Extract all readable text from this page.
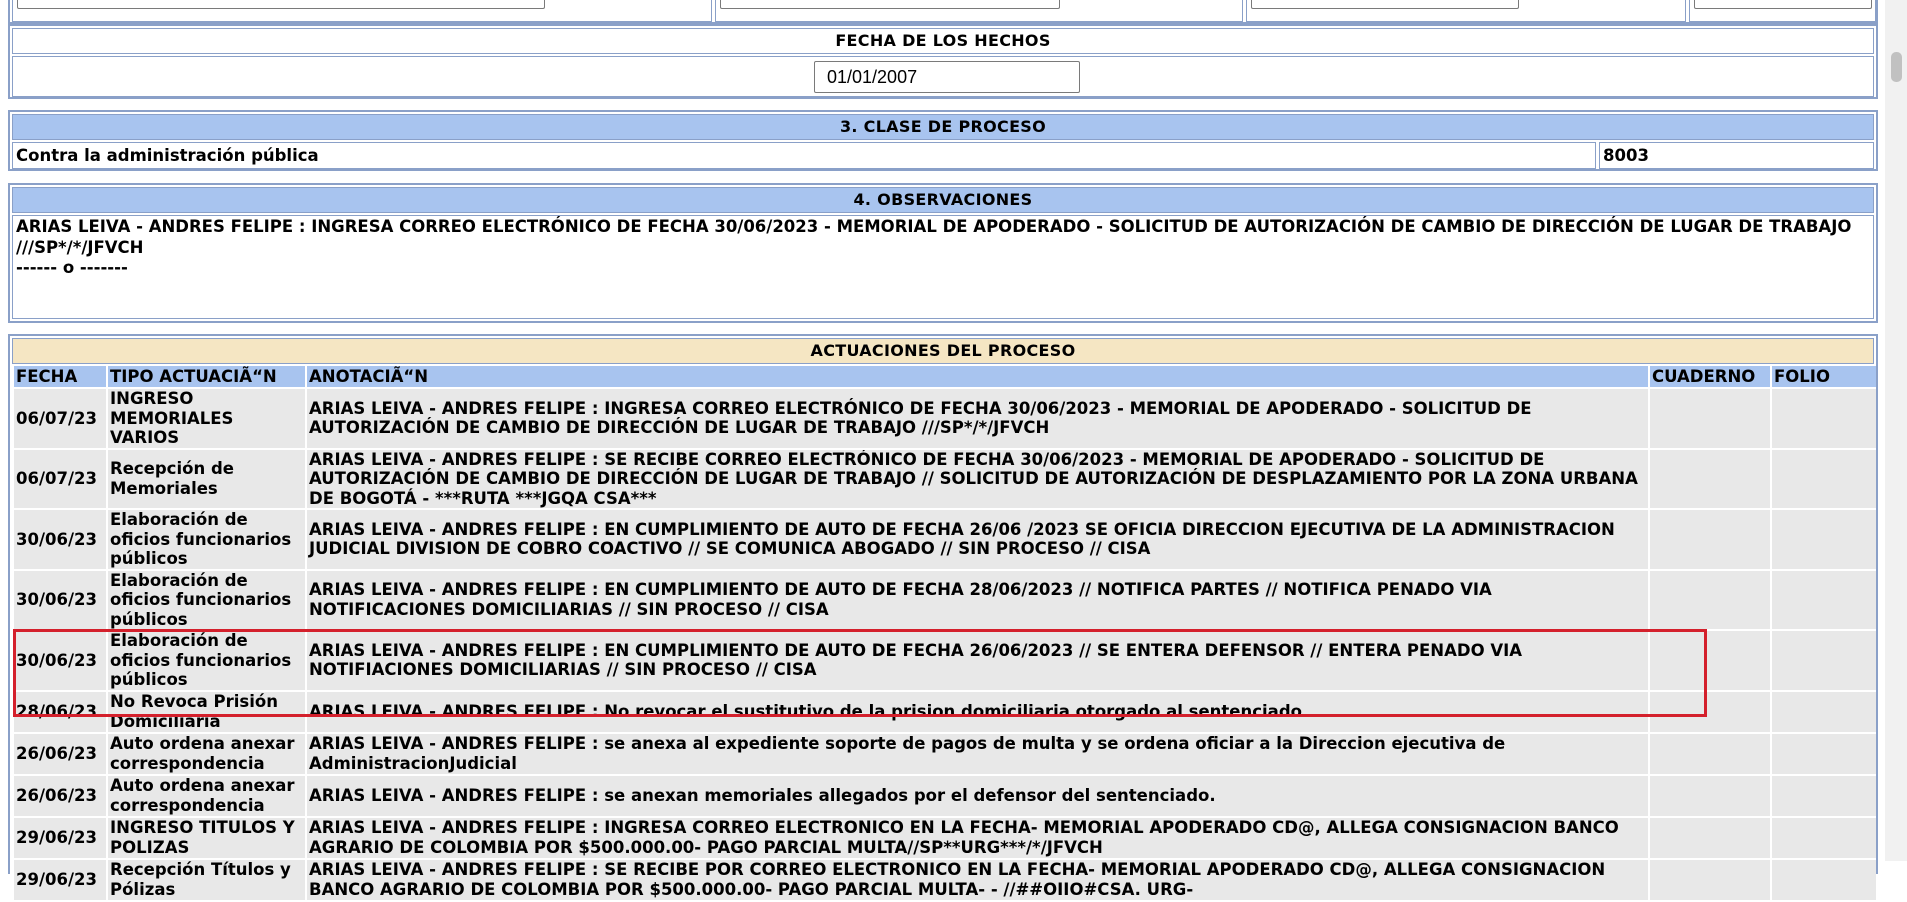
FECHA DE LOS HECHOS
01/01/2007
3. CLASE DE PROCESO
Contra la administración pública	8003
4. OBSERVACIONES
ARIAS LEIVA - ANDRES FELIPE : INGRESA CORREO ELECTRÓNICO DE FECHA 30/06/2023 - MEMORIAL DE APODERADO - SOLICITUD DE AUTORIZACIÓN DE CAMBIO DE DIRECCIÓN DE LUGAR DE TRABAJO ///SP*/*/JFVCH
------ o -------
ACTUACIONES DEL PROCESO
FECHA	TIPO ACTUACIÃ“N	ANOTACIÃ“N	CUADERNO	FOLIO
06/07/23	INGRESO MEMORIALES VARIOS	ARIAS LEIVA - ANDRES FELIPE : INGRESA CORREO ELECTRÓNICO DE FECHA 30/06/2023 - MEMORIAL DE APODERADO - SOLICITUD DE AUTORIZACIÓN DE CAMBIO DE DIRECCIÓN DE LUGAR DE TRABAJO ///SP*/*/JFVCH		
06/07/23	Recepción de Memoriales	ARIAS LEIVA - ANDRES FELIPE : SE RECIBE CORREO ELECTRÓNICO DE FECHA 30/06/2023 - MEMORIAL DE APODERADO - SOLICITUD DE AUTORIZACIÓN DE CAMBIO DE DIRECCIÓN DE LUGAR DE TRABAJO // SOLICITUD DE AUTORIZACIÓN DE DESPLAZAMIENTO POR LA ZONA URBANA DE BOGOTÁ - ***RUTA ***JGQA CSA***		
30/06/23	Elaboración de oficios funcionarios públicos	ARIAS LEIVA - ANDRES FELIPE : EN CUMPLIMIENTO DE AUTO DE FECHA 26/06 /2023 SE OFICIA DIRECCION EJECUTIVA DE LA ADMINISTRACION JUDICIAL DIVISION DE COBRO COACTIVO // SE COMUNICA ABOGADO // SIN PROCESO // CISA		
30/06/23	Elaboración de oficios funcionarios públicos	ARIAS LEIVA - ANDRES FELIPE : EN CUMPLIMIENTO DE AUTO DE FECHA 28/06/2023 // NOTIFICA PARTES // NOTIFICA PENADO VIA NOTIFICACIONES DOMICILIARIAS // SIN PROCESO // CISA		
30/06/23	Elaboración de oficios funcionarios públicos	ARIAS LEIVA - ANDRES FELIPE : EN CUMPLIMIENTO DE AUTO DE FECHA 26/06/2023 // SE ENTERA DEFENSOR // ENTERA PENADO VIA NOTIFIACIONES DOMICILIARIAS // SIN PROCESO // CISA		
28/06/23	No Revoca Prisión Domiciliaria	ARIAS LEIVA - ANDRES FELIPE : No revocar el sustitutivo de la prision domiciliaria otorgado al sentenciado		
26/06/23	Auto ordena anexar correspondencia	ARIAS LEIVA - ANDRES FELIPE : se anexa al expediente soporte de pagos de multa y se ordena oficiar a la Direccion ejecutiva de AdministracionJudicial		
26/06/23	Auto ordena anexar correspondencia	ARIAS LEIVA - ANDRES FELIPE : se anexan memoriales allegados por el defensor del sentenciado.		
29/06/23	INGRESO TITULOS Y POLIZAS	ARIAS LEIVA - ANDRES FELIPE : INGRESA CORREO ELECTRONICO EN LA FECHA- MEMORIAL APODERADO CD@, ALLEGA CONSIGNACION BANCO AGRARIO DE COLOMBIA POR $500.000.00- PAGO PARCIAL MULTA//SP**URG***/*/JFVCH		
29/06/23	Recepción Títulos y Pólizas	ARIAS LEIVA - ANDRES FELIPE : SE RECIBE POR CORREO ELECTRONICO EN LA FECHA- MEMORIAL APODERADO CD@, ALLEGA CONSIGNACION BANCO AGRARIO DE COLOMBIA POR $500.000.00- PAGO PARCIAL MULTA- - //##OIIO#CSA. URG-		
